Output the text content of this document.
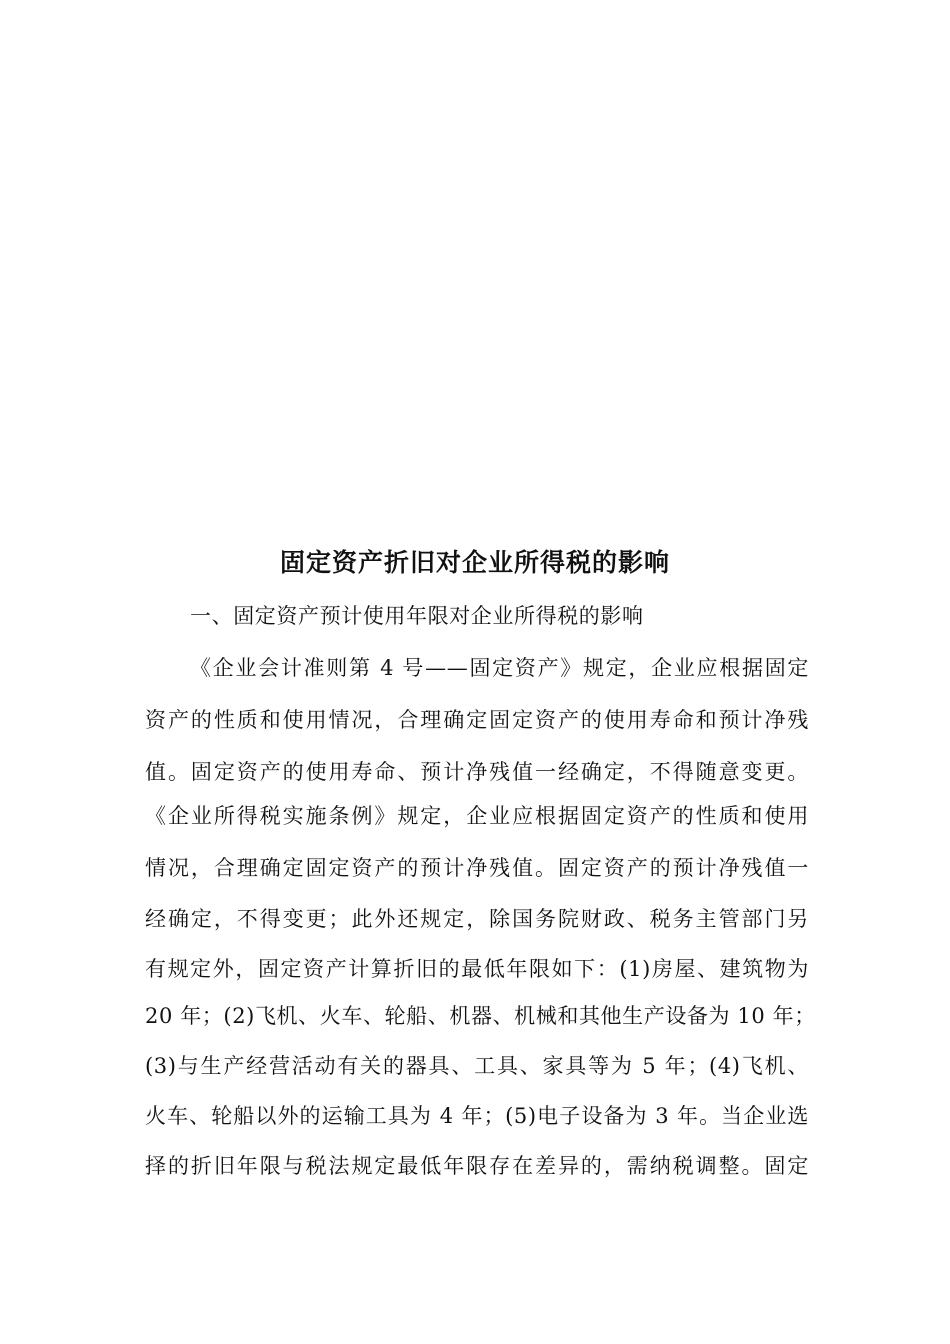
固定资产折旧对企业所得税的影响
一、固定资产预计使用年限对企业所得税的影响
《企业会计准则第 4 号——固定资产》规定，企业应根据固定
资产的性质和使用情况，合理确定固定资产的使用寿命和预计净残
值。固定资产的使用寿命、预计净残值一经确定，不得随意变更。
《企业所得税实施条例》规定，企业应根据固定资产的性质和使用
情况，合理确定固定资产的预计净残值。固定资产的预计净残值一
经确定，不得变更；此外还规定，除国务院财政、税务主管部门另
有规定外，固定资产计算折旧的最低年限如下：(1)房屋、建筑物为
20 年；(2)飞机、火车、轮船、机器、机械和其他生产设备为 10 年；
(3)与生产经营活动有关的器具、工具、家具等为 5 年；(4)飞机、
火车、轮船以外的运输工具为 4 年；(5)电子设备为 3 年。当企业选
择的折旧年限与税法规定最低年限存在差异的，需纳税调整。固定
